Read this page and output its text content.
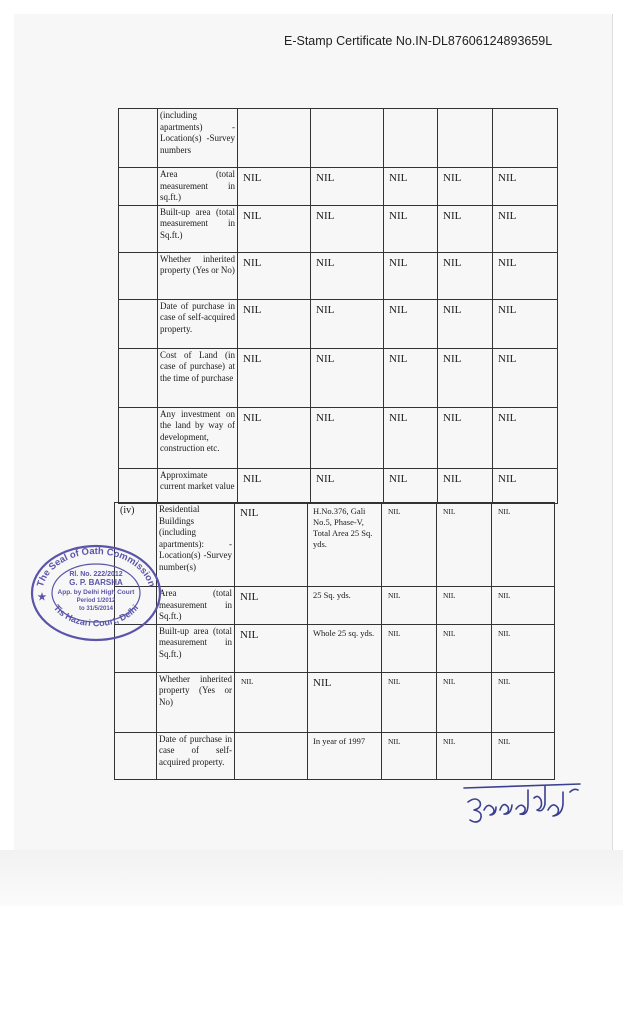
E-Stamp Certificate No.IN-DL87606124893659L
	(including apartments) -Location(s) -Survey numbers					
	Area (total measurement in sq.ft.)	NIL	NIL	NIL	NIL	NIL
	Built-up area (total measurement in Sq.ft.)	NIL	NIL	NIL	NIL	NIL
	Whether inherited property (Yes or No)	NIL	NIL	NIL	NIL	NIL
	Date of purchase in case of self-acquired property.	NIL	NIL	NIL	NIL	NIL
	Cost of Land (in case of purchase) at the time of purchase	NIL	NIL	NIL	NIL	NIL
	Any investment on the land by way of development, construction etc.	NIL	NIL	NIL	NIL	NIL
	Approximate current market value	NIL	NIL	NIL	NIL	NIL
(iv)	Residential Buildings (including apartments): -Location(s) -Survey number(s)	NIL	H.No.376, Gali No.5, Phase-V, Total Area 25 Sq. yds.	NIL	NIL	NIL
	Area (total measurement in Sq.ft.)	NIL	25 Sq. yds.	NIL	NIL	NIL
	Built-up area (total measurement in Sq.ft.)	NIL	Whole 25 sq. yds.	NIL	NIL	NIL
	Whether inherited property (Yes or No)	NIL	NIL	NIL	NIL	NIL
	Date of purchase in case of self-acquired property.		In year of 1997	NIL	NIL	NIL
The Seal of Oath Commission
Tis Hazari Court, Delhi
Rl. No. 222/2012
G. P. BARSHA
App. by Delhi High Court
Period 1/2012
to 31/5/2014
★
